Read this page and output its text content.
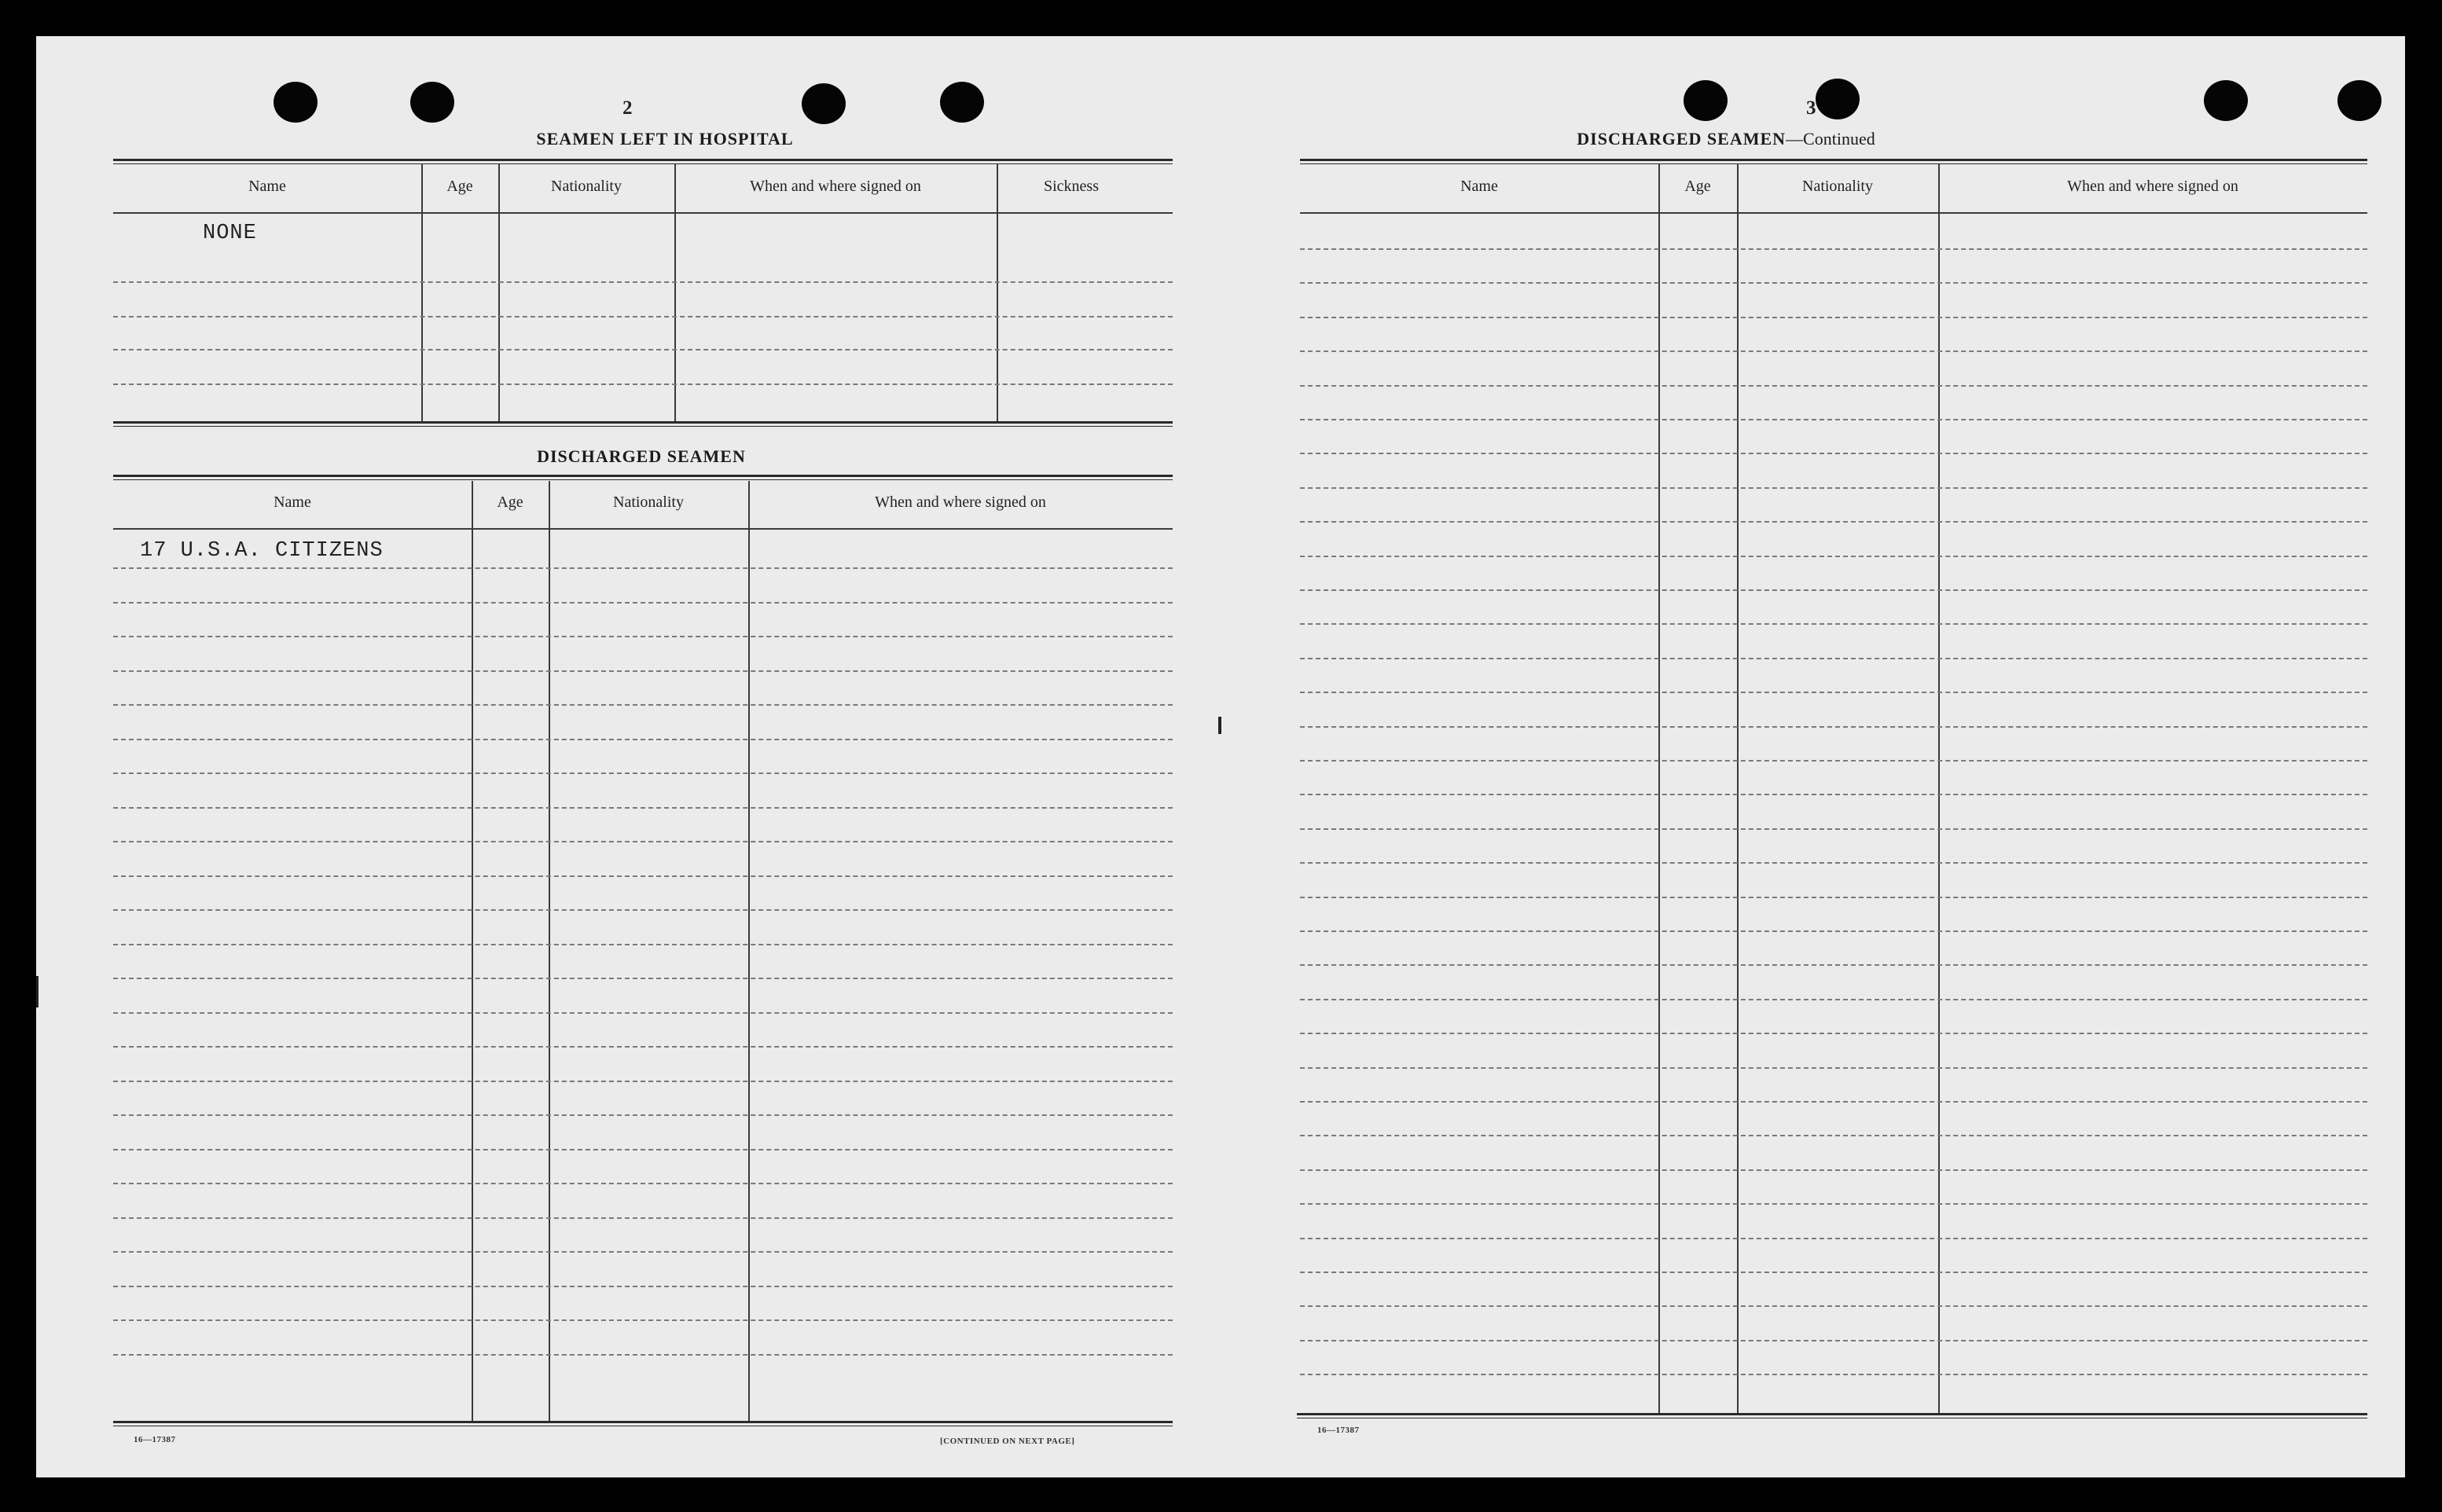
2
SEAMEN LEFT IN HOSPITAL
Name	Age	Nationality	When and where signed on	Sickness
NONE
DISCHARGED SEAMEN
Name	Age	Nationality	When and where signed on
17 U.S.A. CITIZENS
16—17387	[CONTINUED ON NEXT PAGE]
3
DISCHARGED SEAMEN—Continued
Name	Age	Nationality	When and where signed on
16—17387
